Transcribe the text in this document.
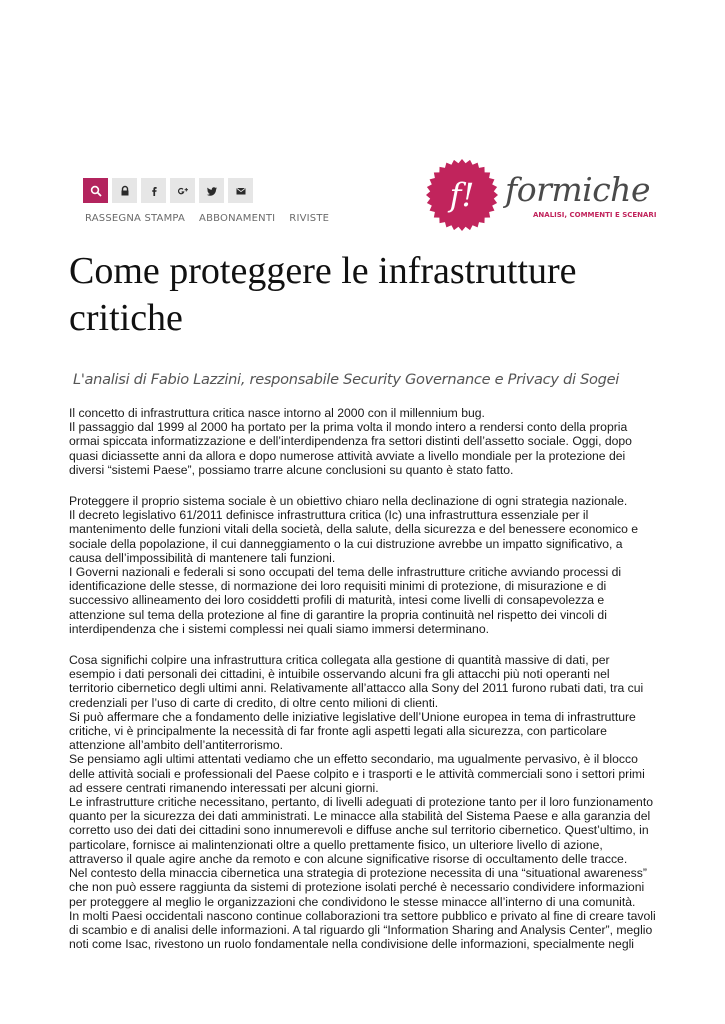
RASSEGNA STAMPA ABBONAMENTI RIVISTE
f! formiche
ANALISI, COMMENTI E SCENARI
Come proteggere le infrastrutture
critiche
L'analisi di Fabio Lazzini, responsabile Security Governance e Privacy di Sogei
Il concetto di infrastruttura critica nasce intorno al 2000 con il millennium bug.
Il passaggio dal 1999 al 2000 ha portato per la prima volta il mondo intero a rendersi conto della propria
ormai spiccata informatizzazione e dell’interdipendenza fra settori distinti dell’assetto sociale. Oggi, dopo
quasi diciassette anni da allora e dopo numerose attività avviate a livello mondiale per la protezione dei
diversi “sistemi Paese”, possiamo trarre alcune conclusioni su quanto è stato fatto.
Proteggere il proprio sistema sociale è un obiettivo chiaro nella declinazione di ogni strategia nazionale.
Il decreto legislativo 61/2011 definisce infrastruttura critica (Ic) una infrastruttura essenziale per il
mantenimento delle funzioni vitali della società, della salute, della sicurezza e del benessere economico e
sociale della popolazione, il cui danneggiamento o la cui distruzione avrebbe un impatto significativo, a
causa dell’impossibilità di mantenere tali funzioni.
I Governi nazionali e federali si sono occupati del tema delle infrastrutture critiche avviando processi di
identificazione delle stesse, di normazione dei loro requisiti minimi di protezione, di misurazione e di
successivo allineamento dei loro cosiddetti profili di maturità, intesi come livelli di consapevolezza e
attenzione sul tema della protezione al fine di garantire la propria continuità nel rispetto dei vincoli di
interdipendenza che i sistemi complessi nei quali siamo immersi determinano.
Cosa significhi colpire una infrastruttura critica collegata alla gestione di quantità massive di dati, per
esempio i dati personali dei cittadini, è intuibile osservando alcuni fra gli attacchi più noti operanti nel
territorio cibernetico degli ultimi anni. Relativamente all’attacco alla Sony del 2011 furono rubati dati, tra cui
credenziali per l’uso di carte di credito, di oltre cento milioni di clienti.
Si può affermare che a fondamento delle iniziative legislative dell’Unione europea in tema di infrastrutture
critiche, vi è principalmente la necessità di far fronte agli aspetti legati alla sicurezza, con particolare
attenzione all’ambito dell’antiterrorismo.
Se pensiamo agli ultimi attentati vediamo che un effetto secondario, ma ugualmente pervasivo, è il blocco
delle attività sociali e professionali del Paese colpito e i trasporti e le attività commerciali sono i settori primi
ad essere centrati rimanendo interessati per alcuni giorni.
Le infrastrutture critiche necessitano, pertanto, di livelli adeguati di protezione tanto per il loro funzionamento
quanto per la sicurezza dei dati amministrati. Le minacce alla stabilità del Sistema Paese e alla garanzia del
corretto uso dei dati dei cittadini sono innumerevoli e diffuse anche sul territorio cibernetico. Quest’ultimo, in
particolare, fornisce ai malintenzionati oltre a quello prettamente fisico, un ulteriore livello di azione,
attraverso il quale agire anche da remoto e con alcune significative risorse di occultamento delle tracce.
Nel contesto della minaccia cibernetica una strategia di protezione necessita di una “situational awareness”
che non può essere raggiunta da sistemi di protezione isolati perché è necessario condividere informazioni
per proteggere al meglio le organizzazioni che condividono le stesse minacce all’interno di una comunità.
In molti Paesi occidentali nascono continue collaborazioni tra settore pubblico e privato al fine di creare tavoli
di scambio e di analisi delle informazioni. A tal riguardo gli “Information Sharing and Analysis Center”, meglio
noti come Isac, rivestono un ruolo fondamentale nella condivisione delle informazioni, specialmente negli
